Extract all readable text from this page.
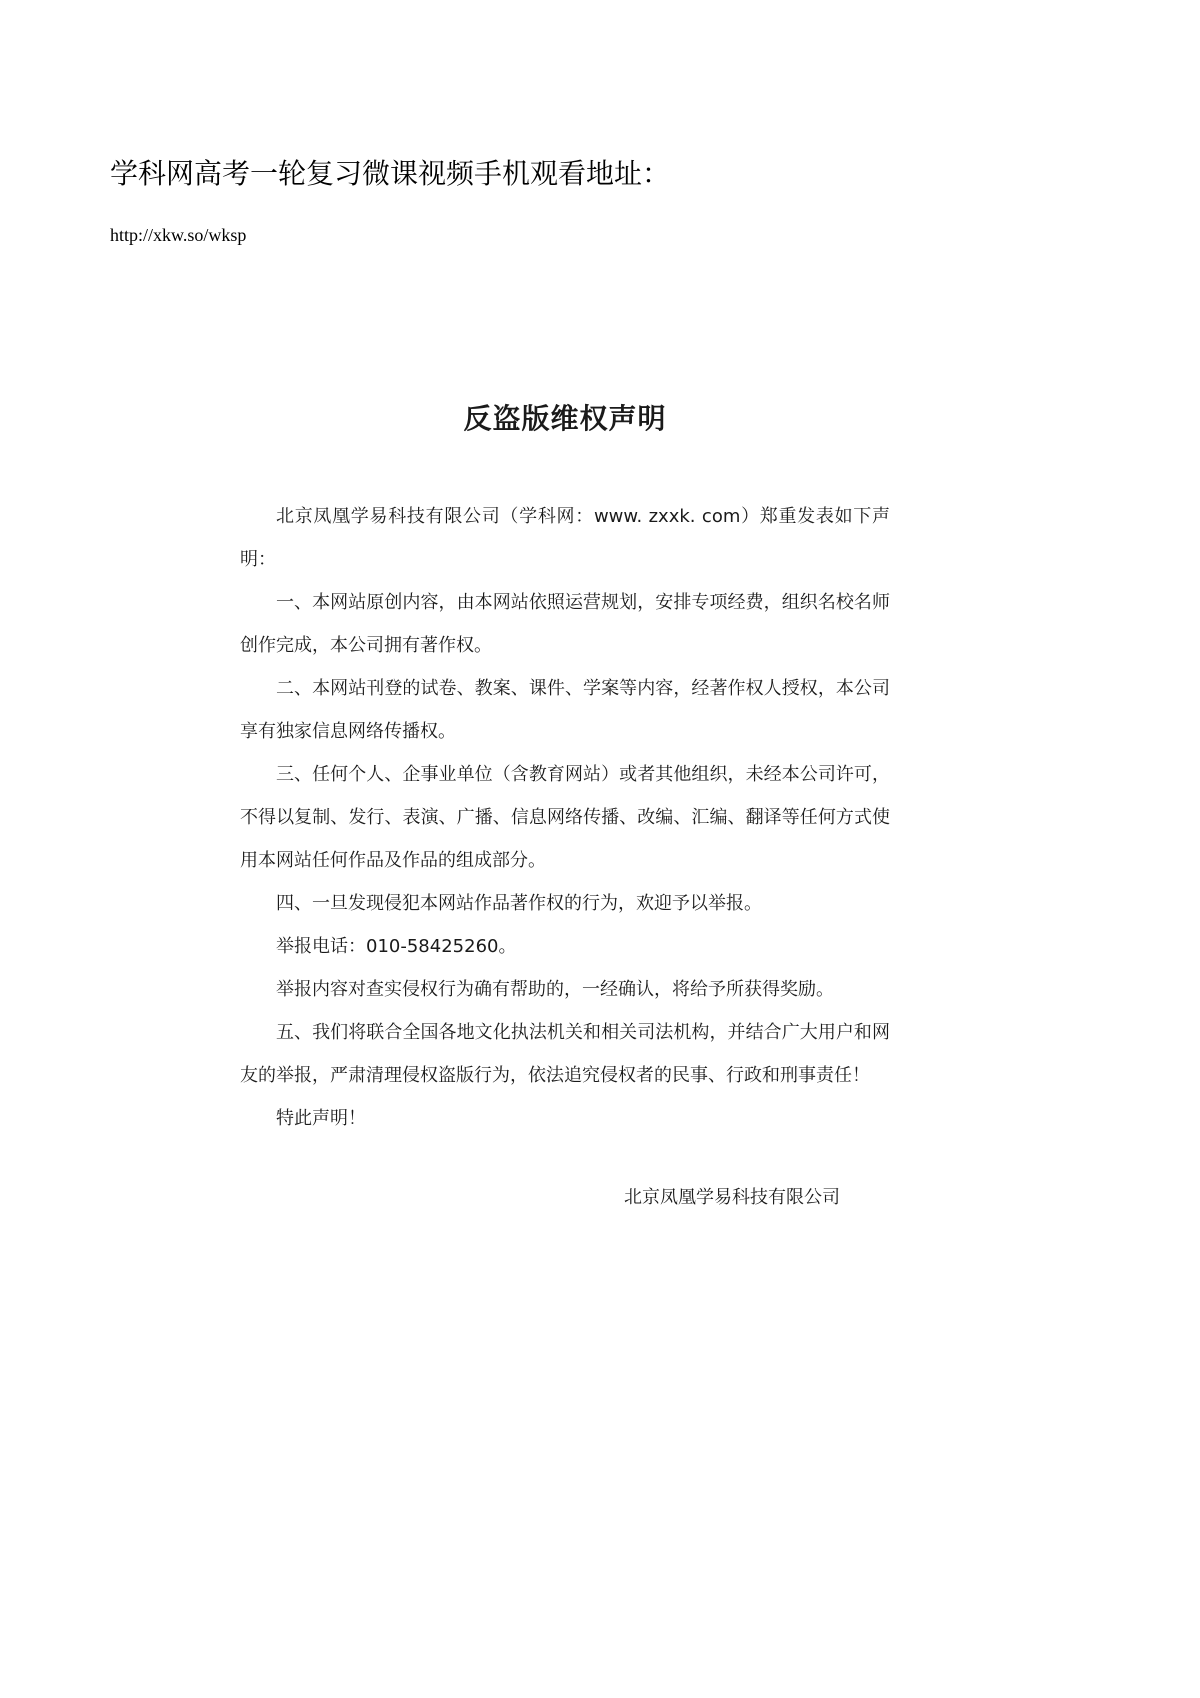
学科网高考一轮复习微课视频手机观看地址：
http://xkw.so/wksp
反盗版维权声明

北京凤凰学易科技有限公司（学科网：www. zxxk. com）郑重发表如下声明：

一、本网站原创内容，由本网站依照运营规划，安排专项经费，组织名校名师创作完成，本公司拥有著作权。

二、本网站刊登的试卷、教案、课件、学案等内容，经著作权人授权，本公司享有独家信息网络传播权。

三、任何个人、企事业单位（含教育网站）或者其他组织，未经本公司许可，不得以复制、发行、表演、广播、信息网络传播、改编、汇编、翻译等任何方式使用本网站任何作品及作品的组成部分。

四、一旦发现侵犯本网站作品著作权的行为，欢迎予以举报。

举报电话：010-58425260。

举报内容对查实侵权行为确有帮助的，一经确认，将给予所获得奖励。

五、我们将联合全国各地文化执法机关和相关司法机构，并结合广大用户和网友的举报，严肃清理侵权盗版行为，依法追究侵权者的民事、行政和刑事责任！

特此声明！

北京凤凰学易科技有限公司
